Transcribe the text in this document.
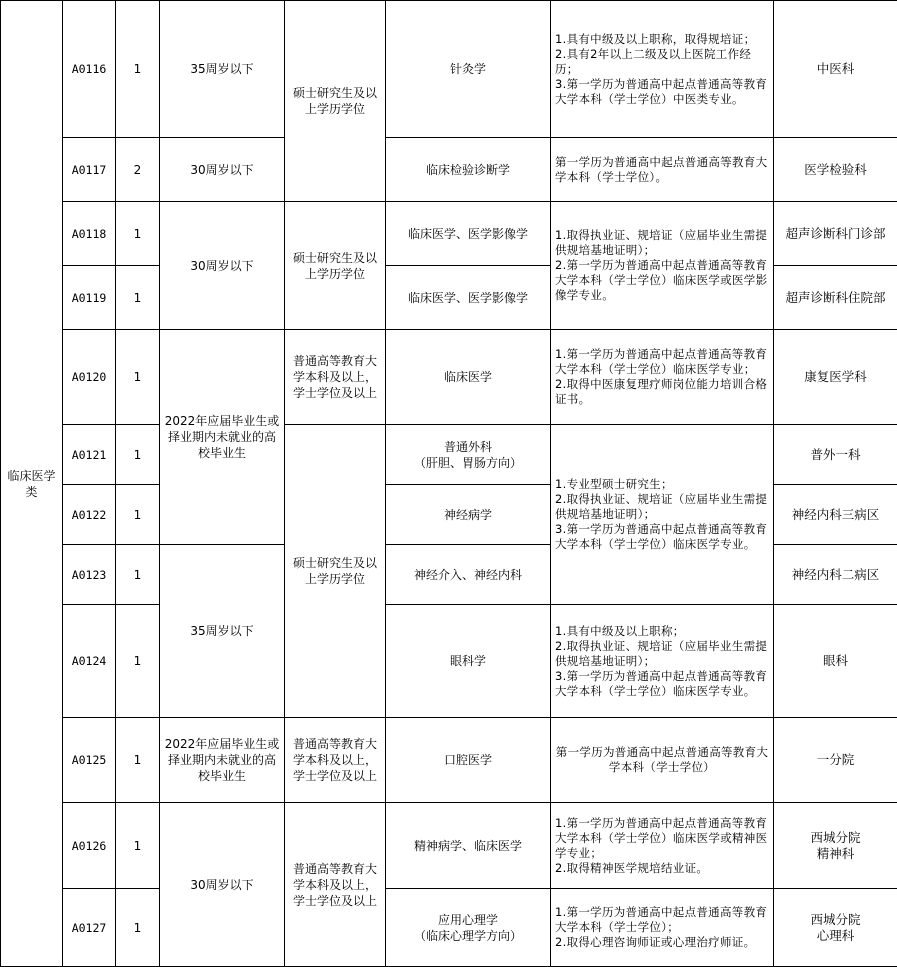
临床医学类	A0116	1	35周岁以下	硕士研究生及以上学历学位	针灸学	1.具有中级及以上职称，取得规培证；
2.具有2年以上二级及以上医院工作经历；
3.第一学历为普通高中起点普通高等教育大学本科（学士学位）中医类专业。	中医科
	A0117	2	30周岁以下		临床检验诊断学	第一学历为普通高中起点普通高等教育大学本科（学士学位）。	医学检验科
	A0118	1	30周岁以下	硕士研究生及以上学历学位	临床医学、医学影像学	1.取得执业证、规培证（应届毕业生需提供规培基地证明）；
2.第一学历为普通高中起点普通高等教育大学本科（学士学位）临床医学或医学影像学专业。	超声诊断科门诊部
	A0119	1			临床医学、医学影像学		超声诊断科住院部
	A0120	1	2022年应届毕业生或择业期内未就业的高校毕业生	普通高等教育大学本科及以上，学士学位及以上	临床医学	1.第一学历为普通高中起点普通高等教育大学本科（学士学位）临床医学专业；
2.取得中医康复理疗师岗位能力培训合格证书。	康复医学科
	A0121	1		硕士研究生及以上学历学位	普通外科
（肝胆、胃肠方向）	1.专业型硕士研究生；
2.取得执业证、规培证（应届毕业生需提供规培基地证明）；
3.第一学历为普通高中起点普通高等教育大学本科（学士学位）临床医学专业。	普外一科
	A0122	1			神经病学		神经内科三病区
	A0123	1	35周岁以下		神经介入、神经内科		神经内科二病区
	A0124	1			眼科学	1.具有中级及以上职称；
2.取得执业证、规培证（应届毕业生需提供规培基地证明）；
3.第一学历为普通高中起点普通高等教育大学本科（学士学位）临床医学专业。	眼科
	A0125	1	2022年应届毕业生或择业期内未就业的高校毕业生	普通高等教育大学本科及以上，学士学位及以上	口腔医学	第一学历为普通高中起点普通高等教育大学本科（学士学位）	一分院
	A0126	1	30周岁以下	普通高等教育大学本科及以上，学士学位及以上	精神病学、临床医学	1.第一学历为普通高中起点普通高等教育大学本科（学士学位）临床医学或精神医学专业；
2.取得精神医学规培结业证。	西城分院
精神科
	A0127	1			应用心理学
（临床心理学方向）	1.第一学历为普通高中起点普通高等教育大学本科（学士学位）；
2.取得心理咨询师证或心理治疗师证。	西城分院
心理科
